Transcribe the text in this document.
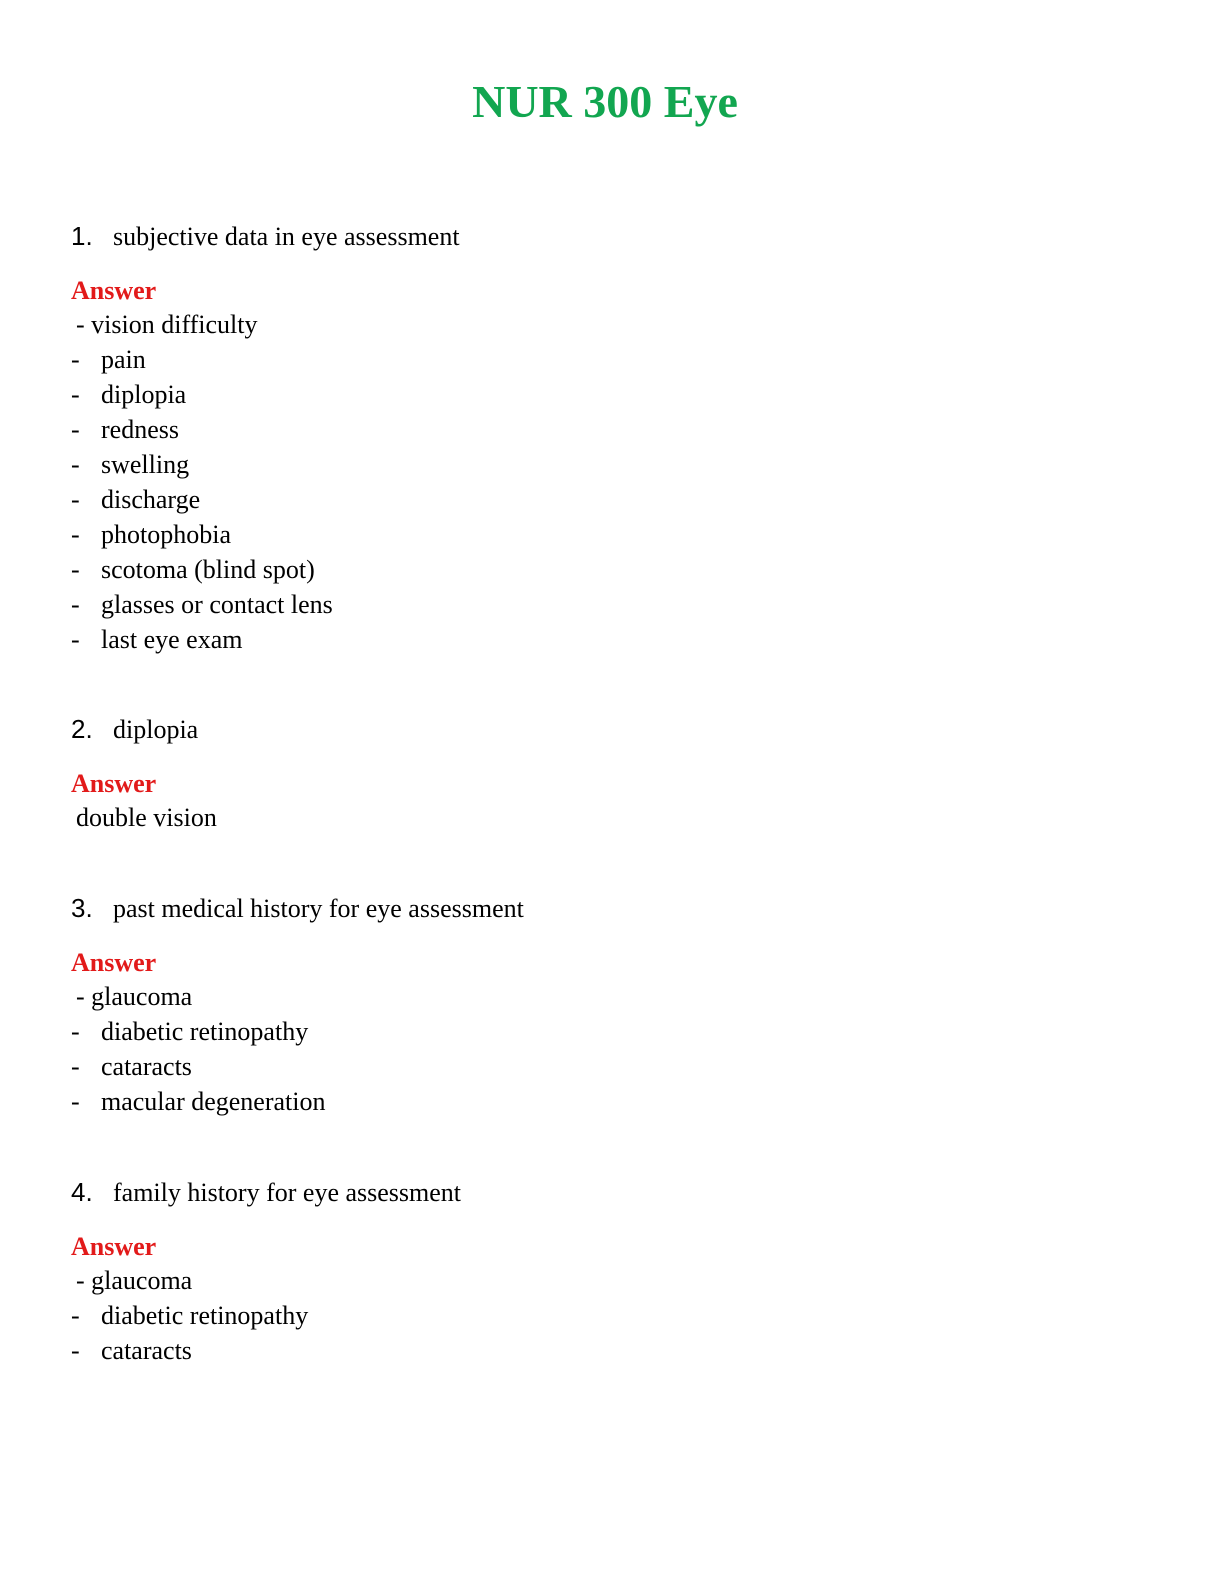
NUR 300 Eye
1. subjective data in eye assessment
Answer
- vision difficulty
- pain
- diplopia
- redness
- swelling
- discharge
- photophobia
- scotoma (blind spot)
- glasses or contact lens
- last eye exam
2. diplopia
Answer
double vision
3. past medical history for eye assessment
Answer
- glaucoma
- diabetic retinopathy
- cataracts
- macular degeneration
4. family history for eye assessment
Answer
- glaucoma
- diabetic retinopathy
- cataracts
